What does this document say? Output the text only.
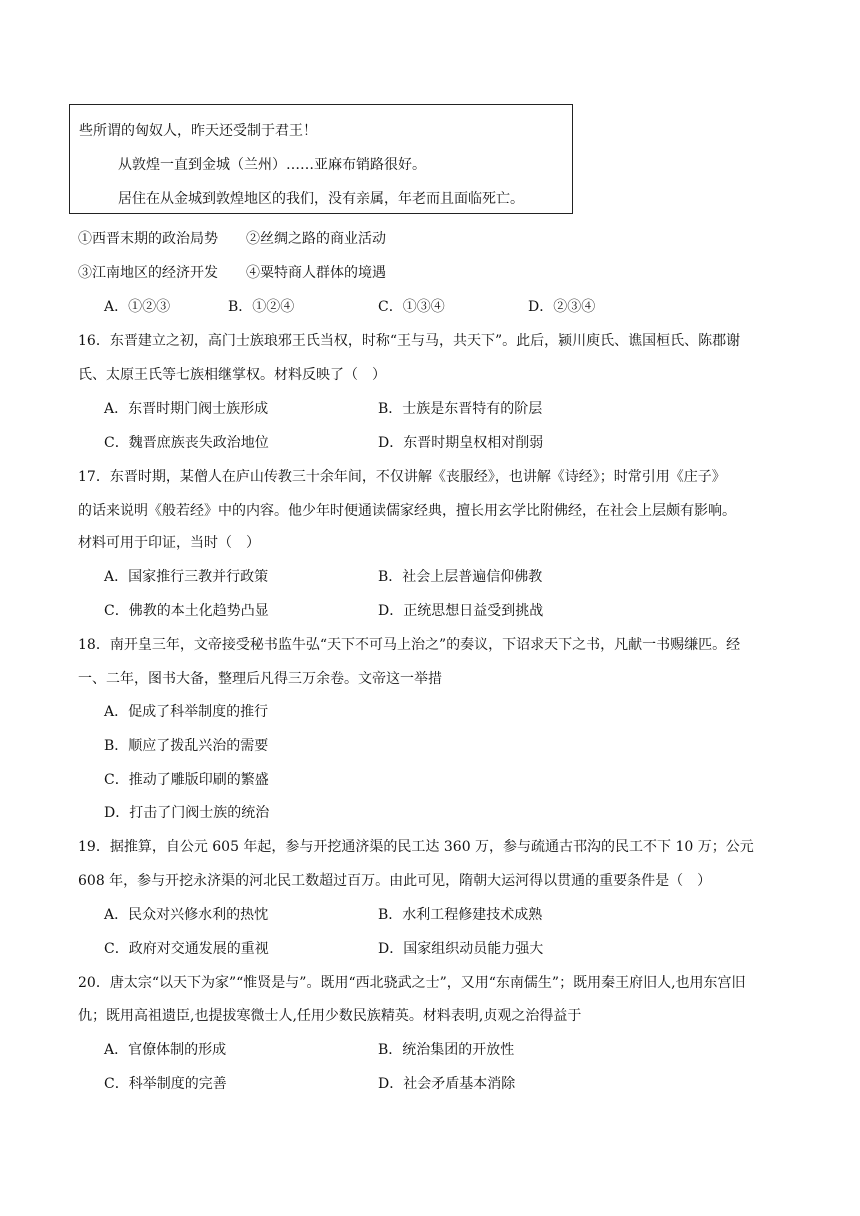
些所谓的匈奴人，昨天还受制于君王！
从敦煌一直到金城（兰州）……亚麻布销路很好。
居住在从金城到敦煌地区的我们，没有亲属，年老而且面临死亡。
①西晋末期的政治局势 ②丝绸之路的商业活动
③江南地区的经济开发 ④粟特商人群体的境遇
A．①②③	B．①②④	C．①③④	D．②③④
16．东晋建立之初，高门士族琅邪王氏当权，时称“王与马，共天下”。此后，颍川庾氏、谯国桓氏、陈郡谢
氏、太原王氏等七族相继掌权。材料反映了（　）
A．东晋时期门阀士族形成	B．士族是东晋特有的阶层
C．魏晋庶族丧失政治地位	D．东晋时期皇权相对削弱
17．东晋时期，某僧人在庐山传教三十余年间，不仅讲解《丧服经》，也讲解《诗经》；时常引用《庄子》
的话来说明《般若经》中的内容。他少年时便通读儒家经典，擅长用玄学比附佛经，在社会上层颇有影响。
材料可用于印证，当时（　）
A．国家推行三教并行政策	B．社会上层普遍信仰佛教
C．佛教的本土化趋势凸显	D．正统思想日益受到挑战
18．南开皇三年，文帝接受秘书监牛弘“天下不可马上治之”的奏议，下诏求天下之书，凡献一书赐缣匹。经
一、二年，图书大备，整理后凡得三万余卷。文帝这一举措
A．促成了科举制度的推行
B．顺应了拨乱兴治的需要
C．推动了雕版印刷的繁盛
D．打击了门阀士族的统治
19．据推算，自公元 605 年起，参与开挖通济渠的民工达 360 万，参与疏通古邗沟的民工不下 10 万；公元
608 年，参与开挖永济渠的河北民工数超过百万。由此可见，隋朝大运河得以贯通的重要条件是（　）
A．民众对兴修水利的热忱	B．水利工程修建技术成熟
C．政府对交通发展的重视	D．国家组织动员能力强大
20．唐太宗“以天下为家”“惟贤是与”。既用“西北骁武之士”，又用“东南儒生”；既用秦王府旧人,也用东宫旧
仇；既用高祖遗臣,也提拔寒微士人,任用少数民族精英。材料表明,贞观之治得益于
A．官僚体制的形成	B．统治集团的开放性
C．科举制度的完善	D．社会矛盾基本消除
